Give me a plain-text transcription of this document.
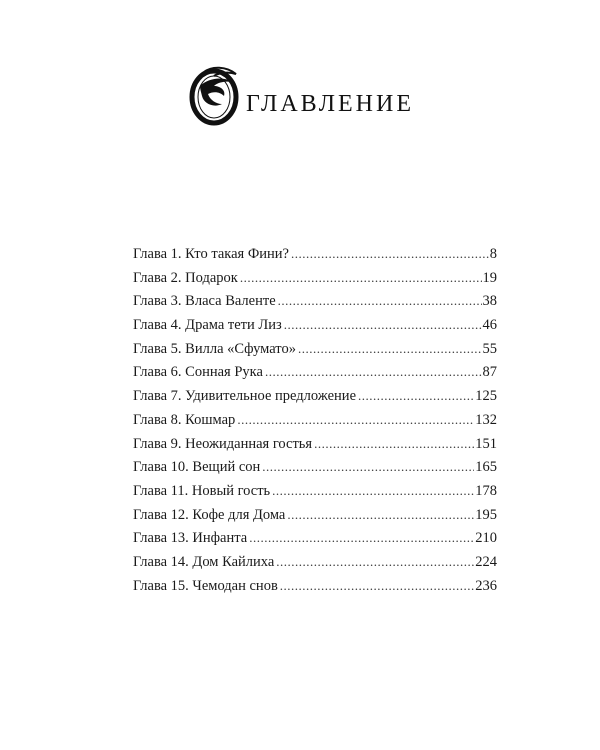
главление
Глава 1. Кто такая Фини? .....	8
Глава 2. Подарок .....	19
Глава 3. Власа Валенте .....	38
Глава 4. Драма тети Лиз .....	46
Глава 5. Вилла «Сфумато» .....	55
Глава 6. Сонная Рука .....	87
Глава 7. Удивительное предложение .....	125
Глава 8. Кошмар .....	132
Глава 9. Неожиданная гостья .....	151
Глава 10. Вещий сон .....	165
Глава 11. Новый гость .....	178
Глава 12. Кофе для Дома .....	195
Глава 13. Инфанта .....	210
Глава 14. Дом Кайлиха .....	224
Глава 15. Чемодан снов .....	236
